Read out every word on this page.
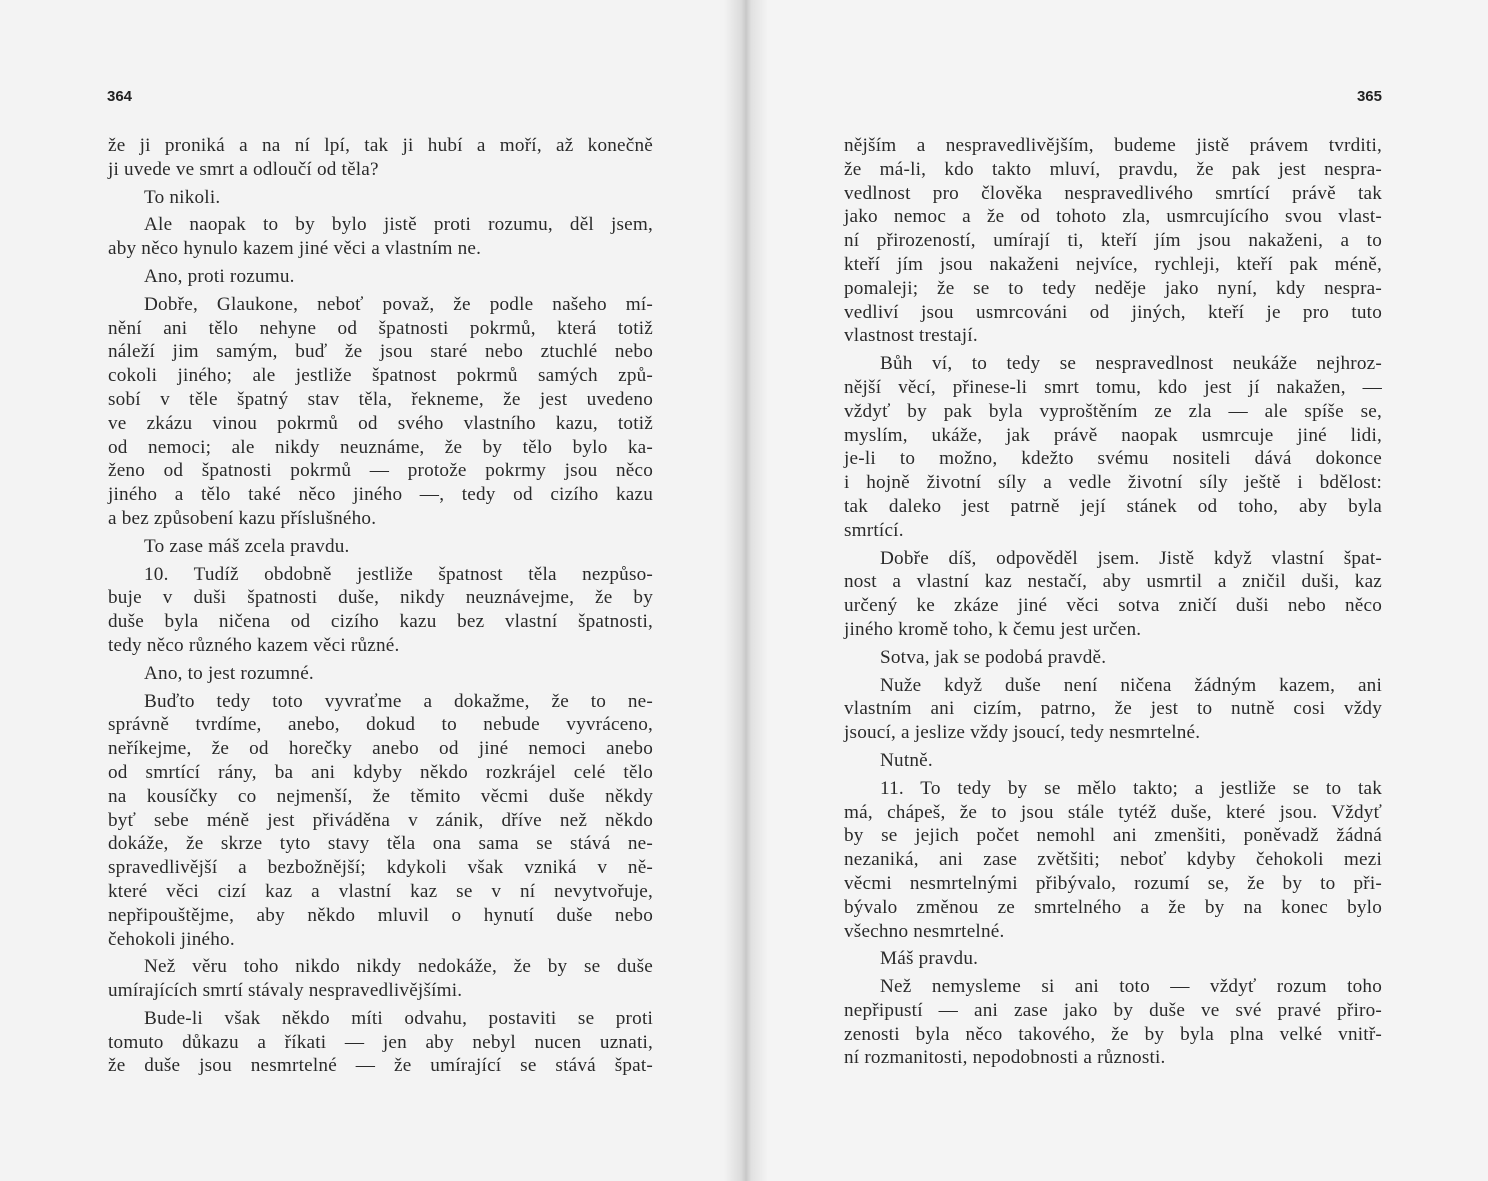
364
že ji proniká a na ní lpí, tak ji hubí a moří, až konečně
ji uvede ve smrt a odloučí od těla?
To nikoli.
Ale naopak to by bylo jistě proti rozumu, děl jsem,
aby něco hynulo kazem jiné věci a vlastním ne.
Ano, proti rozumu.
Dobře, Glaukone, neboť považ, že podle našeho mí-
nění ani tělo nehyne od špatnosti pokrmů, která totiž
náleží jim samým, buď že jsou staré nebo ztuchlé nebo
cokoli jiného; ale jestliže špatnost pokrmů samých způ-
sobí v těle špatný stav těla, řekneme, že jest uvedeno
ve zkázu vinou pokrmů od svého vlastního kazu, totiž
od nemoci; ale nikdy neuznáme, že by tělo bylo ka-
ženo od špatnosti pokrmů — protože pokrmy jsou něco
jiného a tělo také něco jiného —, tedy od cizího kazu
a bez způsobení kazu příslušného.
To zase máš zcela pravdu.
10. Tudíž obdobně jestliže špatnost těla nezpůso-
buje v duši špatnosti duše, nikdy neuznávejme, že by
duše byla ničena od cizího kazu bez vlastní špatnosti,
tedy něco různého kazem věci různé.
Ano, to jest rozumné.
Buďto tedy toto vyvraťme a dokažme, že to ne-
správně tvrdíme, anebo, dokud to nebude vyvráceno,
neříkejme, že od horečky anebo od jiné nemoci anebo
od smrtící rány, ba ani kdyby někdo rozkrájel celé tělo
na kousíčky co nejmenší, že těmito věcmi duše někdy
byť sebe méně jest přiváděna v zánik, dříve než někdo
dokáže, že skrze tyto stavy těla ona sama se stává ne-
spravedlivější a bezbožnější; kdykoli však vzniká v ně-
které věci cizí kaz a vlastní kaz se v ní nevytvořuje,
nepřipouštějme, aby někdo mluvil o hynutí duše nebo
čehokoli jiného.
Než věru toho nikdo nikdy nedokáže, že by se duše
umírajících smrtí stávaly nespravedlivějšími.
Bude-li však někdo míti odvahu, postaviti se proti
tomuto důkazu a říkati — jen aby nebyl nucen uznati,
že duše jsou nesmrtelné — že umírající se stává špat-
365
nějším a nespravedlivějším, budeme jistě právem tvrditi,
že má-li, kdo takto mluví, pravdu, že pak jest nespra-
vedlnost pro člověka nespravedlivého smrtící právě tak
jako nemoc a že od tohoto zla, usmrcujícího svou vlast-
ní přirozeností, umírají ti, kteří jím jsou nakaženi, a to
kteří jím jsou nakaženi nejvíce, rychleji, kteří pak méně,
pomaleji; že se to tedy neděje jako nyní, kdy nespra-
vedliví jsou usmrcováni od jiných, kteří je pro tuto
vlastnost trestají.
Bůh ví, to tedy se nespravedlnost neukáže nejhroz-
nější věcí, přinese-li smrt tomu, kdo jest jí nakažen, —
vždyť by pak byla vyproštěním ze zla — ale spíše se,
myslím, ukáže, jak právě naopak usmrcuje jiné lidi,
je-li to možno, kdežto svému nositeli dává dokonce
i hojně životní síly a vedle životní síly ještě i bdělost:
tak daleko jest patrně její stánek od toho, aby byla
smrtící.
Dobře díš, odpověděl jsem. Jistě když vlastní špat-
nost a vlastní kaz nestačí, aby usmrtil a zničil duši, kaz
určený ke zkáze jiné věci sotva zničí duši nebo něco
jiného kromě toho, k čemu jest určen.
Sotva, jak se podobá pravdě.
Nuže když duše není ničena žádným kazem, ani
vlastním ani cizím, patrno, že jest to nutně cosi vždy
jsoucí, a jeslize vždy jsoucí, tedy nesmrtelné.
Nutně.
11. To tedy by se mělo takto; a jestliže se to tak
má, chápeš, že to jsou stále tytéž duše, které jsou. Vždyť
by se jejich počet nemohl ani zmenšiti, poněvadž žádná
nezaniká, ani zase zvětšiti; neboť kdyby čehokoli mezi
věcmi nesmrtelnými přibývalo, rozumí se, že by to při-
bývalo změnou ze smrtelného a že by na konec bylo
všechno nesmrtelné.
Máš pravdu.
Než nemysleme si ani toto — vždyť rozum toho
nepřipustí — ani zase jako by duše ve své pravé přiro-
zenosti byla něco takového, že by byla plna velké vnitř-
ní rozmanitosti, nepodobnosti a různosti.
